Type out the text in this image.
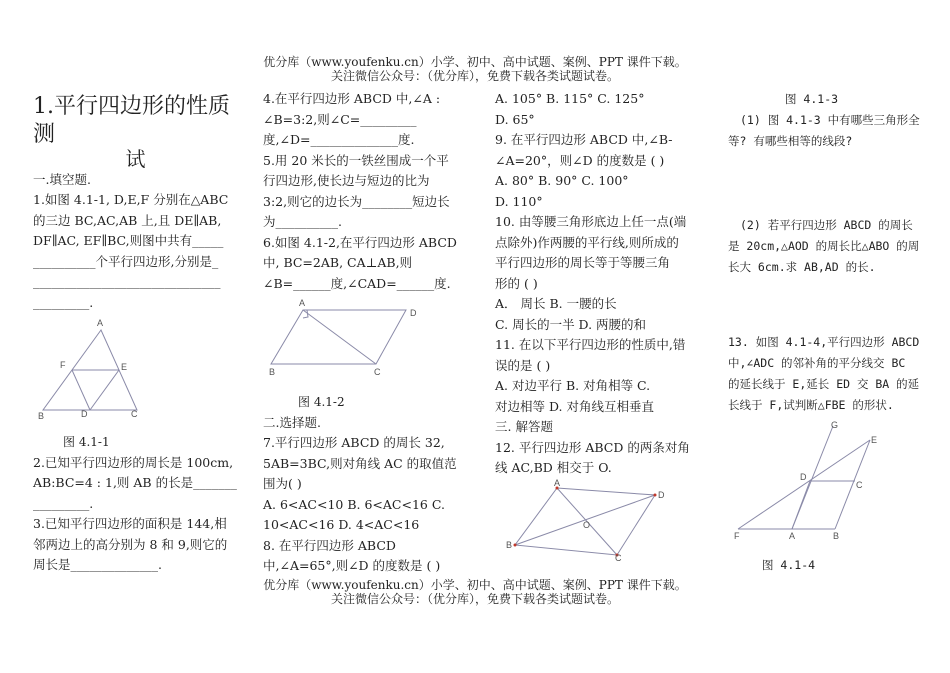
优分库（www.youfenku.cn）小学、初中、高中试题、案例、PPT 课件下载。
关注微信公众号：（优分库），免费下载各类试题试卷。

1.平行四边形的性质测

试

一.填空题.

1.如图 4.1-1, D,E,F 分别在△ABC

的三边 BC,AC,AB 上,且 DE∥AB,

DF∥AC, EF∥BC,则图中共有_____

__________个平行四边形,分别是_

______________________________

_________.

A
F	E
B	D	C

图 4.1-1

2.已知平行四边形的周长是 100cm,

AB:BC=4 : 1,则 AB 的长是_______

_________.

3.已知平行四边形的面积是 144,相

邻两边上的高分别为 8 和 9,则它的

周长是______________.

4.在平行四边形 ABCD 中,∠A :

∠B=3:2,则∠C=_________

度,∠D=______________度.

5.用 20 米长的一铁丝围成一个平

行四边形,使长边与短边的比为

3:2,则它的边长为________短边长

为__________.

6.如图 4.1-2,在平行四边形 ABCD

中, BC=2AB, CA⊥AB,则

∠B=______度,∠CAD=______度.

A
D
B	C

图 4.1-2

二.选择题.

7.平行四边形 ABCD 的周长 32,

5AB=3BC,则对角线 AC 的取值范

围为( )

A. 6<AC<10 B. 6<AC<16 C.

10<AC<16 D. 4<AC<16

8. 在平行四边形 ABCD

中,∠A=65°,则∠D 的度数是 ( )

A. 105° B. 115° C. 125°

D. 65°

9. 在平行四边形 ABCD 中,∠B-

∠A=20°，则∠D 的度数是 ( )

A. 80° B. 90° C. 100°

D. 110°

10. 由等腰三角形底边上任一点(端

点除外)作两腰的平行线,则所成的

平行四边形的周长等于等腰三角

形的 ( )

A． 周长 B. 一腰的长

C. 周长的一半 D. 两腰的和

11. 在以下平行四边形的性质中,错

误的是 ( )

A. 对边平行 B. 对角相等 C.

对边相等 D. 对角线互相垂直

三. 解答题

12. 平行四边形 ABCD 的两条对角

线 AC,BD 相交于 O.

A
D
B
C
O

图 4.1-3

(1) 图 4.1-3 中有哪些三角形全

等? 有哪些相等的线段?

(2) 若平行四边形 ABCD 的周长

是 20cm,△AOD 的周长比△ABO 的周

长大 6cm.求 AB,AD 的长.

13. 如图 4.1-4,平行四边形 ABCD

中,∠ADC 的邻补角的平分线交 BC

的延长线于 E,延长 ED 交 BA 的延

长线于 F,试判断△FBE 的形状.

G
E
D
C
F	A	B

图 4.1-4

优分库（www.youfenku.cn）小学、初中、高中试题、案例、PPT 课件下载。
关注微信公众号：（优分库），免费下载各类试题试卷。
